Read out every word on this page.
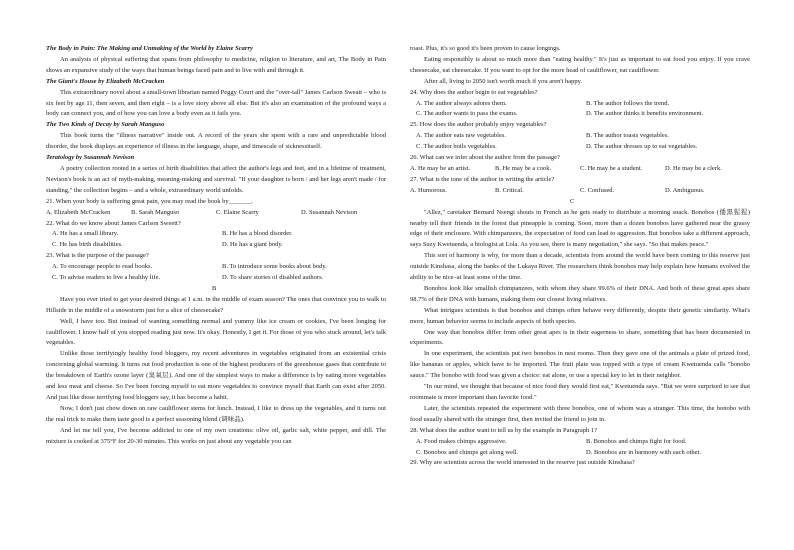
The Body in Pain: The Making and Unmaking of the World by Elaine Scarry

An analysis of physical suffering that spans from philosophy to medicine, religion to literature, and art, The Body in Pain shows an expansive study of the ways that human beings faced pain and to live with and through it.

The Giant's House by Elizabeth McCracken

This extraordinary novel about a small-town librarian named Peggy Court and the "over-tall" James Carlson Sweatt – who is six feet by age 11, then seven, and then eight – is a love story above all else. But it's also an examination of the profound ways a body can connect you, and of how you can love a body even as it fails you.

The Two Kinds of Decay by Sarah Manguso

This book turns the "illness narrative" inside out. A record of the years she spent with a rare and unpredictable blood disorder, the book displays an experience of illness in the language, shape, and timescale of sicknessitself.

Teratology by Susannah Nevison

A poetry collection rooted in a series of birth disabilities that affect the author's legs and feet, and in a lifetime of treatment, Nevison's book is an act of myth-making, meaning-making and survival. "If your daughter is born / and her legs aren't made / for standing," the collection begins – and a whole, extraordinary world unfolds.

21. When your body is suffering great pain, you may read the book by_______.

A. Elizabeth McCracken	B. Sarah Manguso	C. Elaine Scarry	D. Susannah Nevison

22. What do we know about James Carlson Sweett?

A. He has a small library.	B. He has a blood disorder.
C. He has birth disabilities.	D. He has a giant body.

23. What is the purpose of the passage?

A. To encourage people to read books.	B. To introduce some books about body.
C. To advise readers to live a healthy life.	D. To share stories of disabled authors.

B

Have you ever tried to get your desired things at 1 a.m. in the middle of exam season? The ones that convince you to walk to Hillside in the middle of a snowstorm just for a slice of cheesecake?

Well, I have too. But instead of wanting something normal and yummy like ice cream or cookies, I've been longing for cauliflower. I know half of you stopped reading just now. It's okay. Honestly, I get it. For those of you who stuck around, let's talk vegetables.

Unlike those terrifyingly healthy food bloggers, my recent adventures in vegetables originated from an existential crisis concerning global warming. It turns out food production is one of the highest producers of the greenhouse gases that contribute to the breakdown of Earth's ozone layer (臭氧层). And one of the simplest ways to make a difference is by eating more vegetables and less meat and cheese. So I've been forcing myself to eat more vegetables to convince myself that Earth can exist after 2050. And just like those terrifying food bloggers say, it has become a habit.

Now, I don't just chow down on raw cauliflower stems for lunch. Instead, I like to dress up the vegetables, and it turns out the real trick to make them taste good is a perfect seasoning blend (调味品).

And let me tell you, I've become addicted to one of my own creations: olive oil, garlic salt, white pepper, and dill. The mixture is cooked at 375°F for 20-30 minutes. This works on just about any vegetable you can

roast. Plus, it's so good it's been proven to cause longings.

Eating responsibly is about so much more than "eating healthy." It's just as important to eat food you enjoy. If you crave cheesecake, eat cheesecake. If you want to opt for the more head of cauliflower, eat cauliflower.

After all, living to 2050 isn't worth much if you aren't happy.

24. Why does the author begin to eat vegetables?

A. The author always adores them.	B. The author follows the trend.
C. The author wants to pass the exams.	D. The author thinks it benefits environment.

25. How does the author probably enjoy vegetables?

A. The author eats raw vegetables.	B. The author toasts vegetables.
C. The author boils vegetables.	D. The author dresses up to eat vegetables.

26. What can we infer about the author from the passage?

A. He may be an artist.	B. He may be a cook.	C. He may be a student.	D. He may be a clerk.

27. What is the tone of the author in writing the article?

A. Humorous.	B. Critical.	C. Confused.	D. Ambiguous.

C

"Allez," caretaker Bernard Nsengi shouts in French as he gets ready to distribute a morning snack. Bonobos (倭黑猩猩) nearby tell their friends in the forest that pineapple is coming. Soon, more than a dozen bonobos have gathered near the grassy edge of their enclosure. With chimpanzees, the expectation of food can lead to aggression. But bonobos take a different approach, says Suzy Kwetuenda, a biologist at Lola. As you see, there is many negotiation," she says. "So that makes peace."

This sort of harmony is why, for more than a decade, scientists from around the world have been coming to this reserve just outside Kinshasa, along the banks of the Lukaya River. The researchers think bonobos may help explain how humans evolved the ability to be nice–at least some of the time.

Bonobos look like smallish chimpanzees, with whom they share 99.6% of their DNA. And both of these great apes share 98.7% of their DNA with humans, making them our closest living relatives.

What intrigues scientists is that bonobos and chimps often behave very differently, despite their genetic similarity. What's more, human behavior seems to include aspects of both species.

One way that bonobos differ from other great apes is in their eagerness to share, something that has been documented in experiments.

In one experiment, the scientists put two bonobos in nest rooms. Then they gave one of the animals a plate of prized food, like bananas or apples, which have to be imported. The fruit plate was topped with a type of cream Kwetuenda calls "bonobo sauce." The bonobo with food was given a choice: eat alone, or use a special key to let in their neighbor.

"In our mind, we thought that because of nice food they would first eat," Kwetuenda says. "But we were surprised to see that roommate is more important than favorite food."

Later, the scientists repeated the experiment with three bonobos, one of whom was a stranger. This time, the bonobo with food usually shared with the stranger first, then invited the friend to join in.

28. What does the author want to tell us by the example in Paragraph 1?

A. Food makes chimps aggressive.	B. Bonobos and chimps fight for food.
C. Bonobos and chimps get along well.	D. Bonobos are in harmony with each other.

29. Why are scientists across the world interested in the reserve just outside Kinshasa?
